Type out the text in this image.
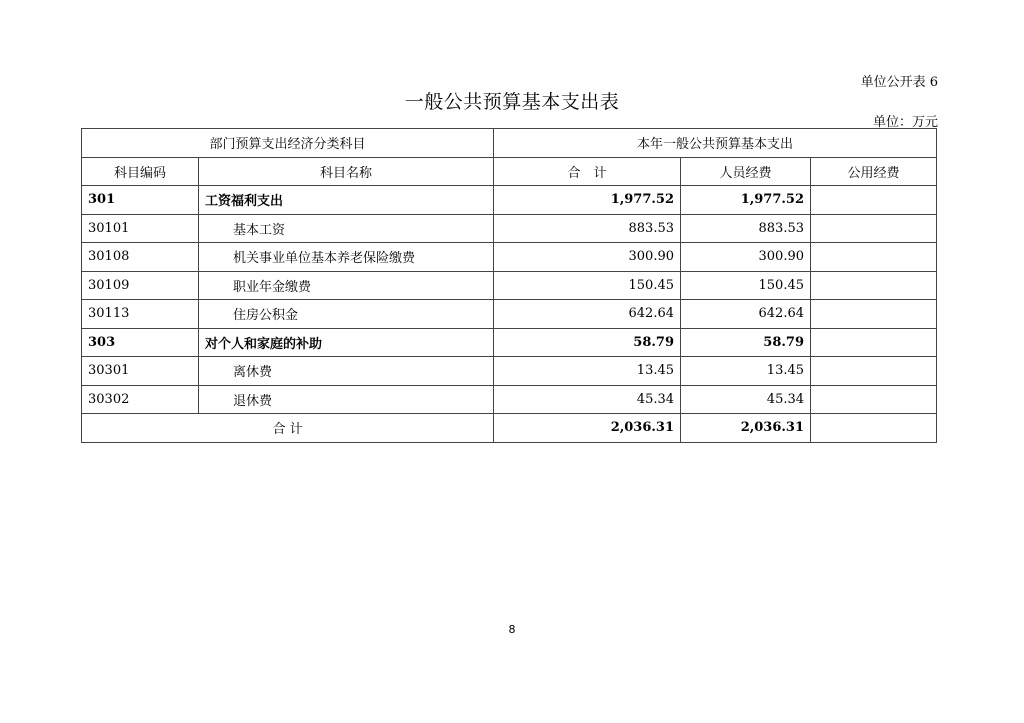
单位公开表 6
一般公共预算基本支出表
单位：万元
部门预算支出经济分类科目		本年一般公共预算基本支出		
科目编码	科目名称	合　计	人员经费	公用经费
301	工资福利支出	1,977.52	1,977.52	
30101	基本工资	883.53	883.53	
30108	机关事业单位基本养老保险缴费	300.90	300.90	
30109	职业年金缴费	150.45	150.45	
30113	住房公积金	642.64	642.64	
303	对个人和家庭的补助	58.79	58.79	
30301	离休费	13.45	13.45	
30302	退休费	45.34	45.34	
合 计		2,036.31	2,036.31	
8
